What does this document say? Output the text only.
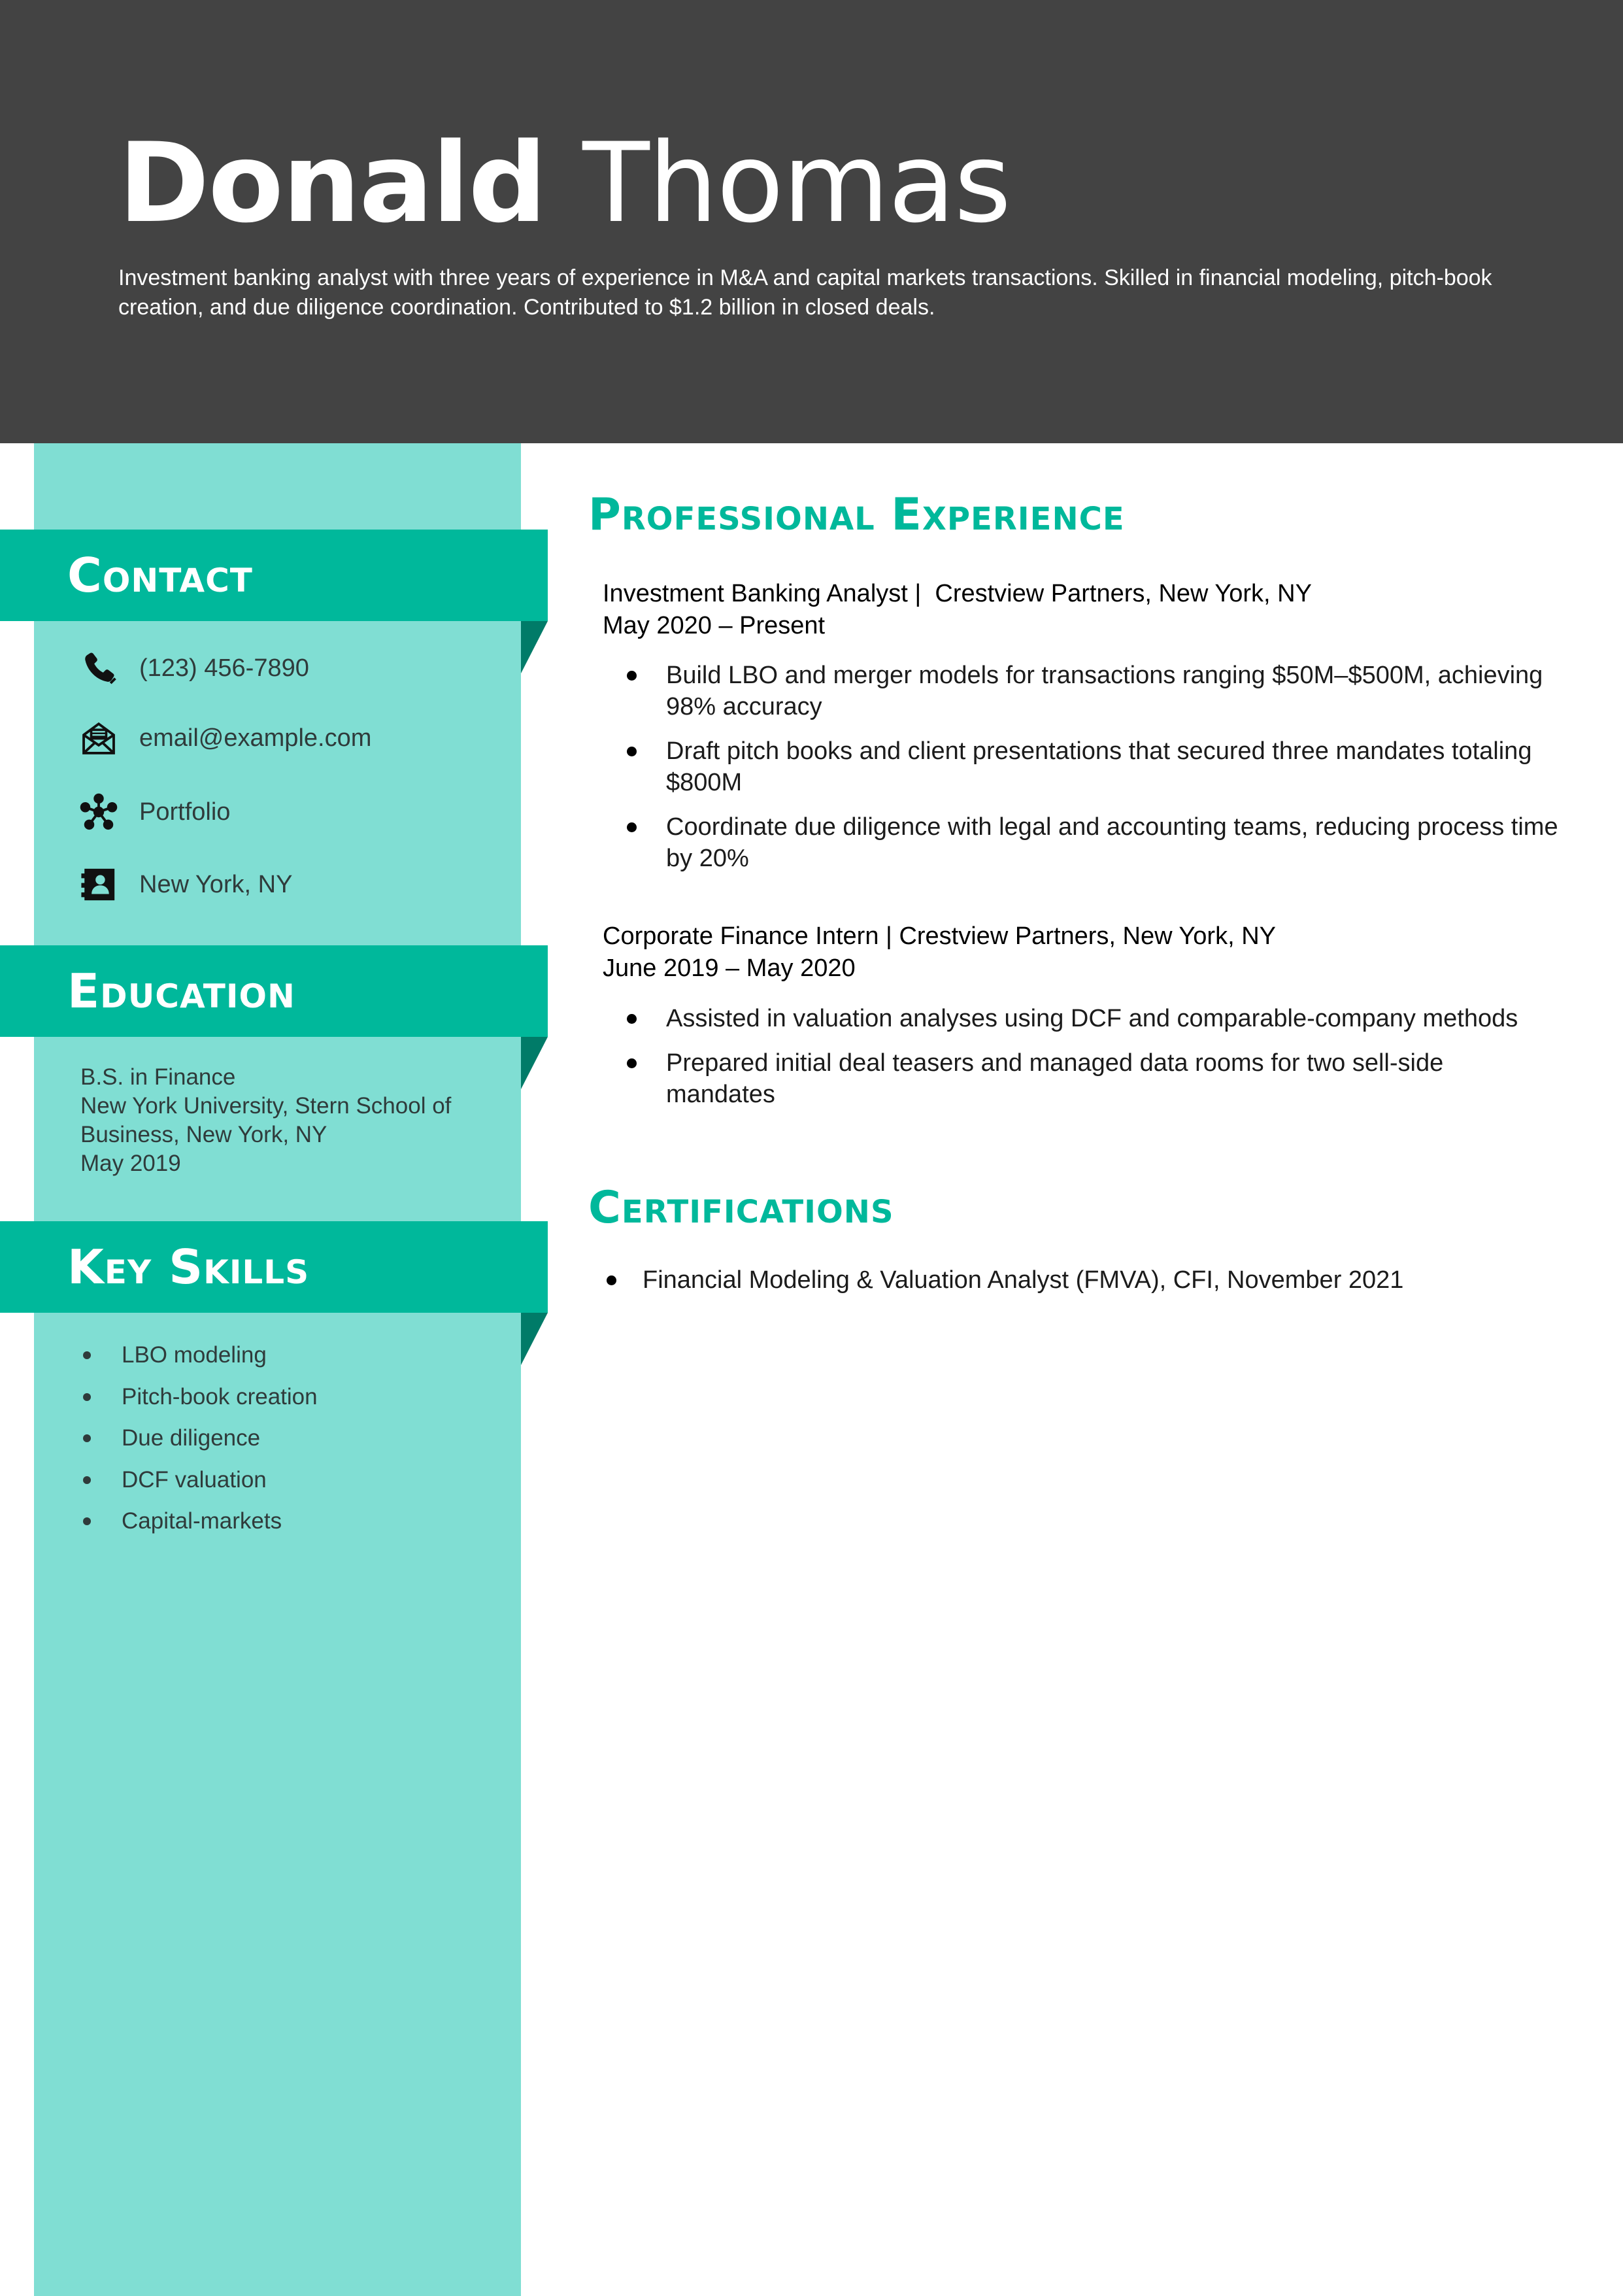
Donald Thomas

Investment banking analyst with three years of experience in M&A and capital markets transactions. Skilled in financial modeling, pitch-book creation, and due diligence coordination. Contributed to $1.2 billion in closed deals.

Contact
(123) 456-7890
email@example.com
Portfolio
New York, NY
Education
B.S. in Finance
New York University, Stern School of
Business, New York, NY
May 2019
Key Skills
LBO modeling
Pitch-book creation
Due diligence
DCF valuation
Capital-markets
Professional Experience
Investment Banking Analyst | Crestview Partners, New York, NY
May 2020 – Present
Build LBO and merger models for transactions ranging $50M–$500M, achieving 98% accuracy
Draft pitch books and client presentations that secured three mandates totaling $800M
Coordinate due diligence with legal and accounting teams, reducing process time by 20%
Corporate Finance Intern | Crestview Partners, New York, NY
June 2019 – May 2020
Assisted in valuation analyses using DCF and comparable-company methods
Prepared initial deal teasers and managed data rooms for two sell-side mandates
Certifications
Financial Modeling & Valuation Analyst (FMVA), CFI, November 2021
